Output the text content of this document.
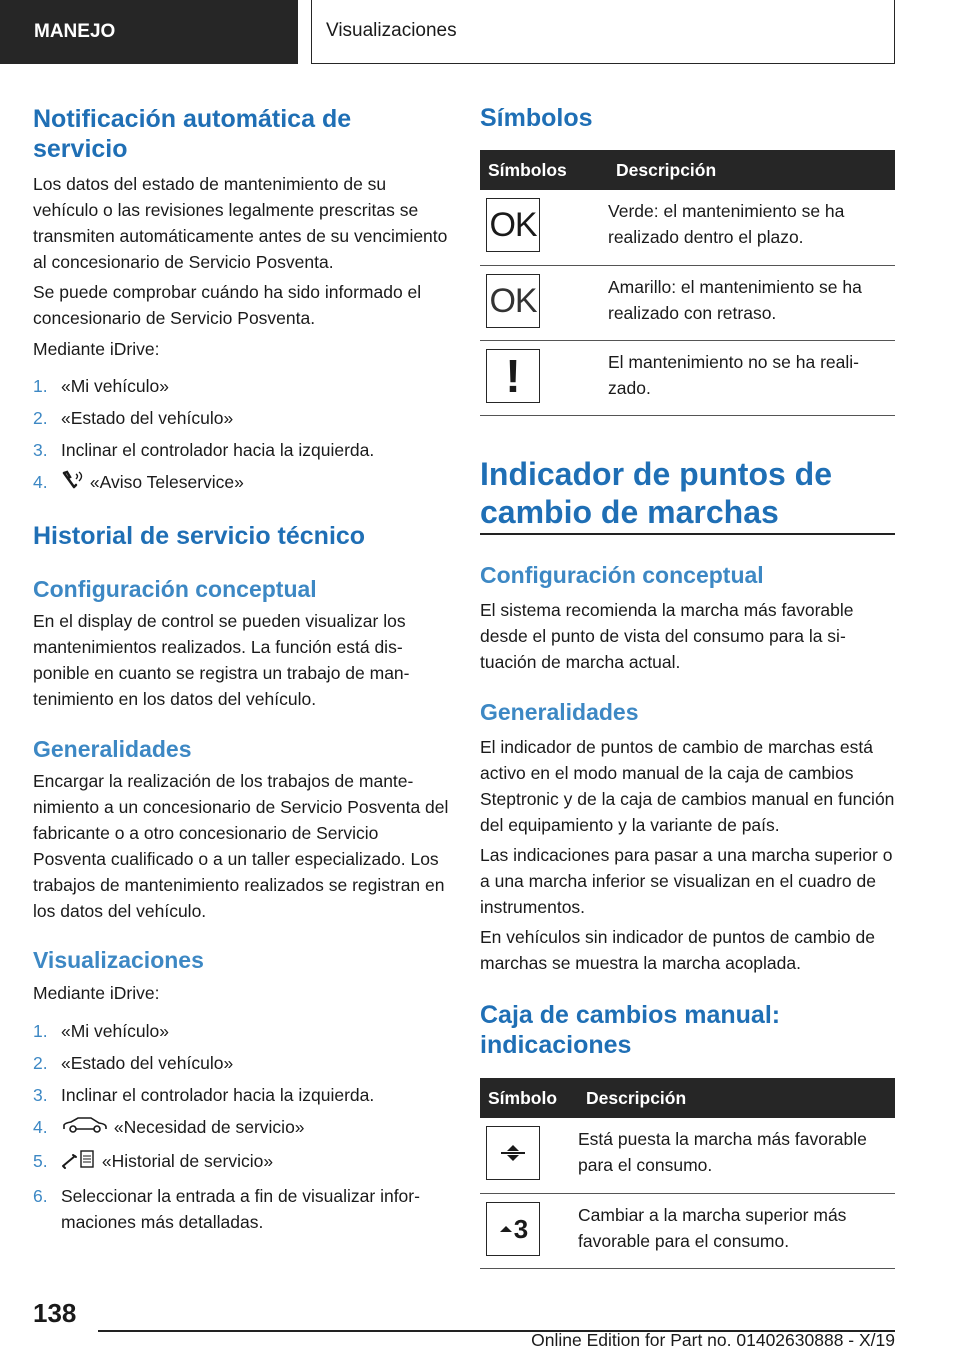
MANEJO	Visualizaciones
Notificación automática de servicio

Los datos del estado de mantenimiento de su vehículo o las revisiones legalmente prescritas se transmiten automáticamente antes de su vencimiento al concesionario de Servicio Posventa.

Se puede comprobar cuándo ha sido informado el concesionario de Servicio Posventa.

Mediante iDrive:

1. «Mi vehículo»
2. «Estado del vehículo»
3. Inclinar el controlador hacia la izquierda.
4. «Aviso Teleservice»
Historial de servicio técnico
Configuración conceptual

En el display de control se pueden visualizar los mantenimientos realizados. La función está disponible en cuanto se registra un trabajo de mantenimiento en los datos del vehículo.

Generalidades

Encargar la realización de los trabajos de mantenimiento a un concesionario de Servicio Posventa del fabricante o a otro concesionario de Servicio Posventa cualificado o a un taller especializado. Los trabajos de mantenimiento realizados se registran en los datos del vehículo.

Visualizaciones

Mediante iDrive:

1. «Mi vehículo»
2. «Estado del vehículo»
3. Inclinar el controlador hacia la izquierda.
4.	«Necesidad de servicio»
5.	«Historial de servicio»
6. Seleccionar la entrada a fin de visualizar informaciones más detalladas.
Símbolos
Símbolos	Descripción

OK	Verde: el mantenimiento se ha realizado dentro el plazo.

OK	Amarillo: el mantenimiento se ha realizado con retraso.

!	El mantenimiento no se ha realizado.
Indicador de puntos de cambio de marchas
Configuración conceptual

El sistema recomienda la marcha más favorable desde el punto de vista del consumo para la situación de marcha actual.

Generalidades

El indicador de puntos de cambio de marchas está activo en el modo manual de la caja de cambios Steptronic y de la caja de cambios manual en función del equipamiento y la variante de país.

Las indicaciones para pasar a una marcha superior o a una marcha inferior se visualizan en el cuadro de instrumentos.

En vehículos sin indicador de puntos de cambio de marchas se muestra la marcha acoplada.

Caja de cambios manual: indicaciones
Símbolo	Descripción

	Está puesta la marcha más favorable para el consumo.

3	Cambiar a la marcha superior más favorable para el consumo.
138
Online Edition for Part no. 01402630888 - X/19
